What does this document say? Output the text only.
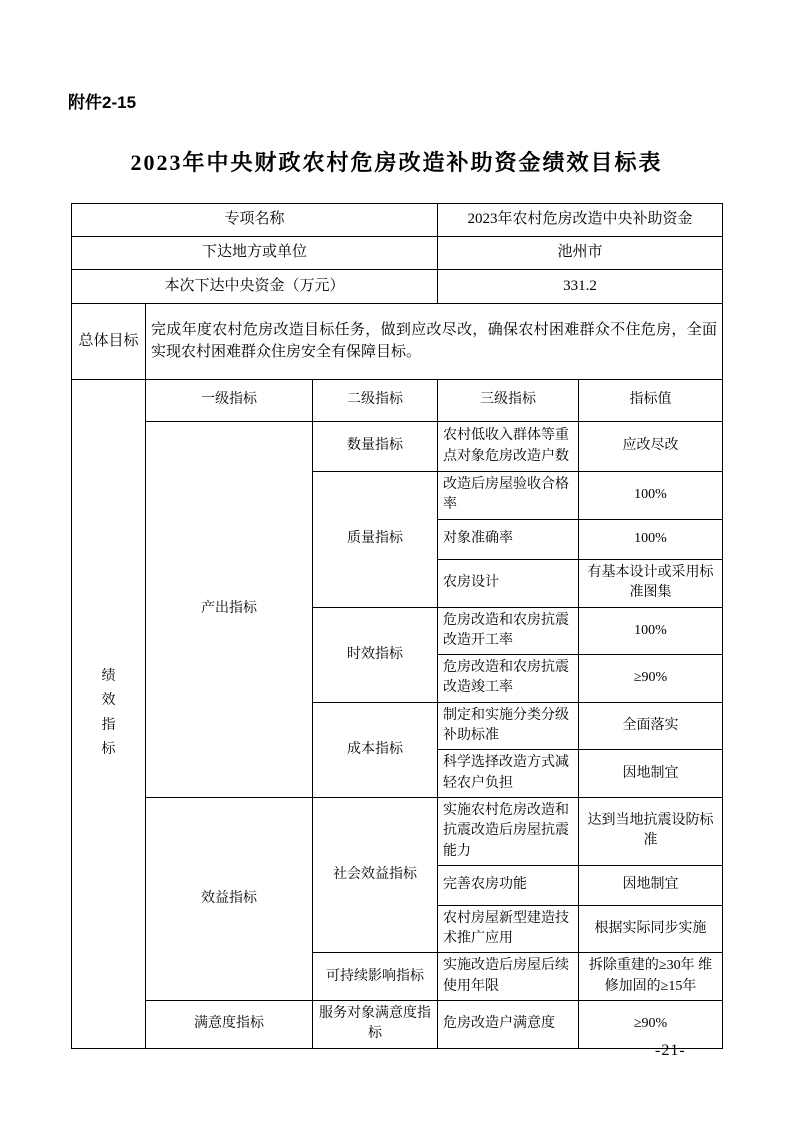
附件2-15
2023年中央财政农村危房改造补助资金绩效目标表
专项名称			2023年农村危房改造中央补助资金	
下达地方或单位			池州市	
本次下达中央资金（万元）			331.2	
总体目标	完成年度农村危房改造目标任务，做到应改尽改，确保农村困难群众不住危房，全面实现农村困难群众住房安全有保障目标。			
绩效指标	一级指标	二级指标	三级指标	指标值
	产出指标	数量指标	农村低收入群体等重点对象危房改造户数	应改尽改
		质量指标	改造后房屋验收合格率	100%
			对象准确率	100%
			农房设计	有基本设计或采用标准图集
		时效指标	危房改造和农房抗震改造开工率	100%
			危房改造和农房抗震改造竣工率	≥90%
		成本指标	制定和实施分类分级补助标准	全面落实
			科学选择改造方式减轻农户负担	因地制宜
	效益指标	社会效益指标	实施农村危房改造和抗震改造后房屋抗震能力	达到当地抗震设防标准
			完善农房功能	因地制宜
			农村房屋新型建造技术推广应用	根据实际同步实施
		可持续影响指标	实施改造后房屋后续使用年限	拆除重建的≥30年 维修加固的≥15年
	满意度指标	服务对象满意度指标	危房改造户满意度	≥90%
-21-
